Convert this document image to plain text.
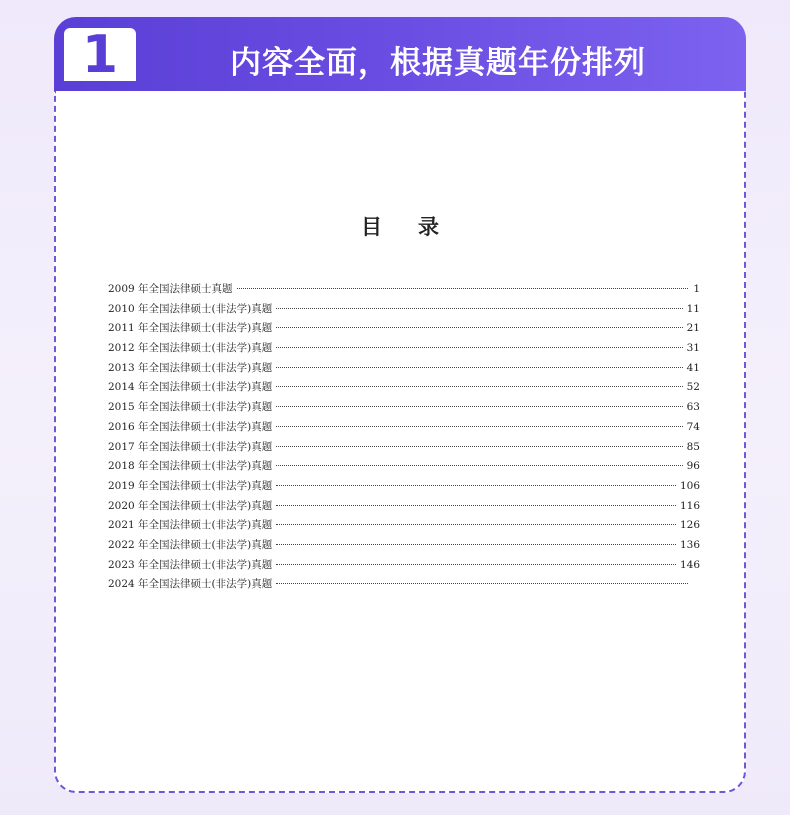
1	内容全面，根据真题年份排列
目录
2009 年全国法律硕士真题	1
2010 年全国法律硕士(非法学)真题	11
2011 年全国法律硕士(非法学)真题	21
2012 年全国法律硕士(非法学)真题	31
2013 年全国法律硕士(非法学)真题	41
2014 年全国法律硕士(非法学)真题	52
2015 年全国法律硕士(非法学)真题	63
2016 年全国法律硕士(非法学)真题	74
2017 年全国法律硕士(非法学)真题	85
2018 年全国法律硕士(非法学)真题	96
2019 年全国法律硕士(非法学)真题	106
2020 年全国法律硕士(非法学)真题	116
2021 年全国法律硕士(非法学)真题	126
2022 年全国法律硕士(非法学)真题	136
2023 年全国法律硕士(非法学)真题	146
2024 年全国法律硕士(非法学)真题
